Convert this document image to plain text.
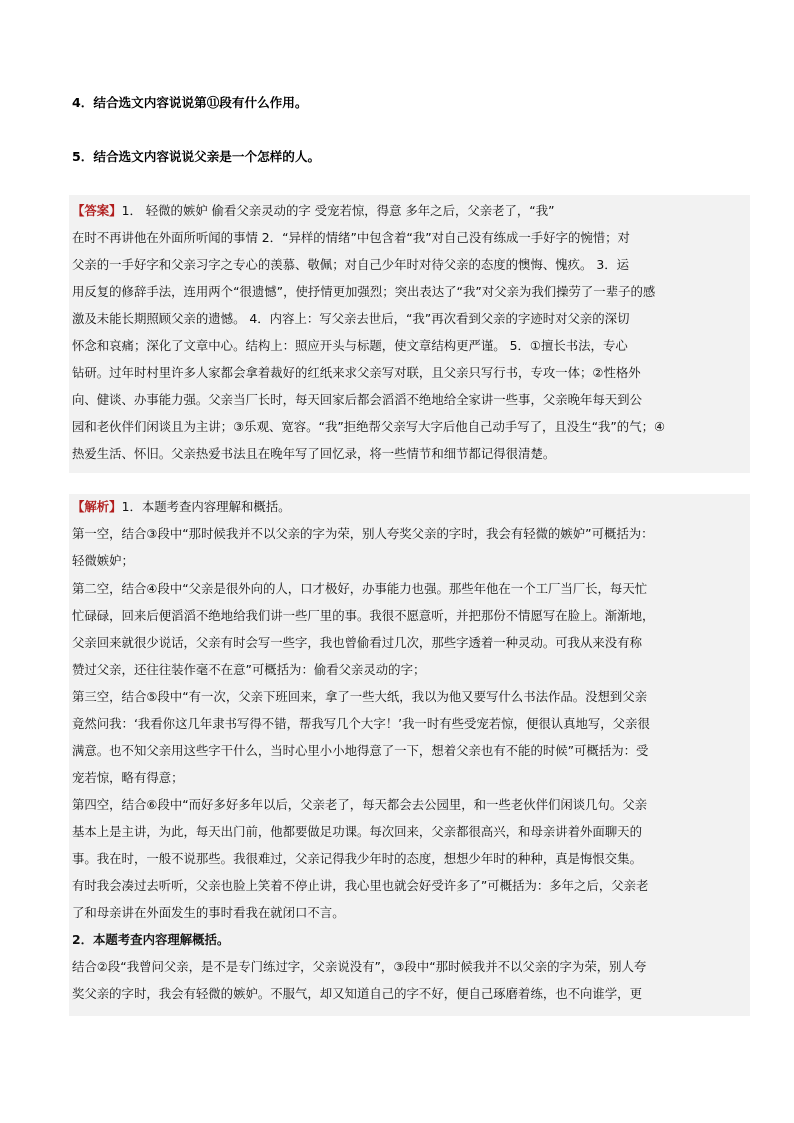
4．结合选文内容说说第⑪段有什么作用。
5．结合选文内容说说父亲是一个怎样的人。
【答案】1． 轻微的嫉妒 偷看父亲灵动的字 受宠若惊，得意 多年之后，父亲老了，“我”
在时不再讲他在外面所听闻的事情 2．“异样的情绪”中包含着“我”对自己没有练成一手好字的惋惜；对
父亲的一手好字和父亲习字之专心的羡慕、敬佩；对自己少年时对待父亲的态度的懊悔、愧疚。 3．运
用反复的修辞手法，连用两个“很遗憾”，使抒情更加强烈；突出表达了“我”对父亲为我们操劳了一辈子的感
激及未能长期照顾父亲的遗憾。 4．内容上：写父亲去世后，“我”再次看到父亲的字迹时对父亲的深切
怀念和哀痛；深化了文章中心。结构上：照应开头与标题，使文章结构更严谨。 5．①擅长书法，专心
钻研。过年时村里许多人家都会拿着裁好的红纸来求父亲写对联，且父亲只写行书，专攻一体；②性格外
向、健谈、办事能力强。父亲当厂长时，每天回家后都会滔滔不绝地给全家讲一些事，父亲晚年每天到公
园和老伙伴们闲谈且为主讲；③乐观、宽容。“我”拒绝帮父亲写大字后他自己动手写了，且没生“我”的气；④
热爱生活、怀旧。父亲热爱书法且在晚年写了回忆录，将一些情节和细节都记得很清楚。
【解析】1．本题考查内容理解和概括。
第一空，结合③段中“那时候我并不以父亲的字为荣，别人夸奖父亲的字时，我会有轻微的嫉妒”可概括为：
轻微嫉妒；
第二空，结合④段中“父亲是很外向的人，口才极好，办事能力也强。那些年他在一个工厂当厂长，每天忙
忙碌碌，回来后便滔滔不绝地给我们讲一些厂里的事。我很不愿意听，并把那份不情愿写在脸上。渐渐地，
父亲回来就很少说话，父亲有时会写一些字，我也曾偷看过几次，那些字透着一种灵动。可我从来没有称
赞过父亲，还往往装作毫不在意”可概括为：偷看父亲灵动的字；
第三空，结合⑤段中“有一次，父亲下班回来，拿了一些大纸，我以为他又要写什么书法作品。没想到父亲
竟然问我：‘我看你这几年隶书写得不错，帮我写几个大字！’我一时有些受宠若惊，便很认真地写，父亲很
满意。也不知父亲用这些字干什么，当时心里小小地得意了一下，想着父亲也有不能的时候”可概括为：受
宠若惊，略有得意；
第四空，结合⑥段中“而好多好多年以后，父亲老了，每天都会去公园里，和一些老伙伴们闲谈几句。父亲
基本上是主讲，为此，每天出门前，他都要做足功课。每次回来，父亲都很高兴，和母亲讲着外面聊天的
事。我在时，一般不说那些。我很难过，父亲记得我少年时的态度，想想少年时的种种，真是悔恨交集。
有时我会凑过去听听，父亲也脸上笑着不停止讲，我心里也就会好受许多了”可概括为：多年之后，父亲老
了和母亲讲在外面发生的事时看我在就闭口不言。
2．本题考查内容理解概括。
结合②段“我曾问父亲，是不是专门练过字，父亲说没有”，③段中“那时候我并不以父亲的字为荣，别人夸
奖父亲的字时，我会有轻微的嫉妒。不服气，却又知道自己的字不好，便自己琢磨着练，也不向谁学，更
